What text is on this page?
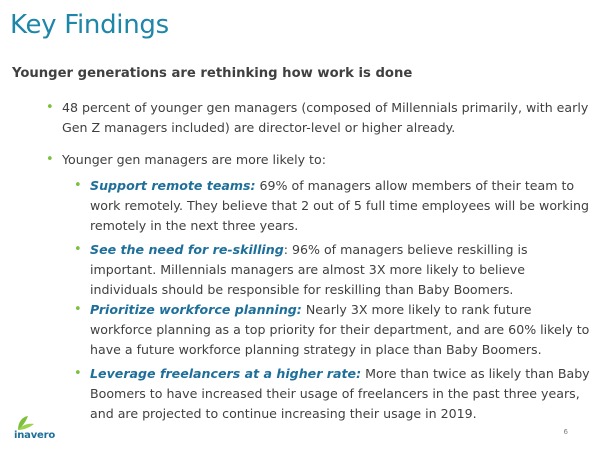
Key Findings
Younger generations are rethinking how work is done
• 48 percent of younger gen managers (composed of Millennials primarily, with early Gen Z managers included) are director-level or higher already.
• Younger gen managers are more likely to:
• Support remote teams: 69% of managers allow members of their team to work remotely. They believe that 2 out of 5 full time employees will be working remotely in the next three years.
• See the need for re-skilling: 96% of managers believe reskilling is important. Millennials managers are almost 3X more likely to believe individuals should be responsible for reskilling than Baby Boomers.
• Prioritize workforce planning: Nearly 3X more likely to rank future workforce planning as a top priority for their department, and are 60% likely to have a future workforce planning strategy in place than Baby Boomers.
• Leverage freelancers at a higher rate: More than twice as likely than Baby Boomers to have increased their usage of freelancers in the past three years, and are projected to continue increasing their usage in 2019.
inavero	6
